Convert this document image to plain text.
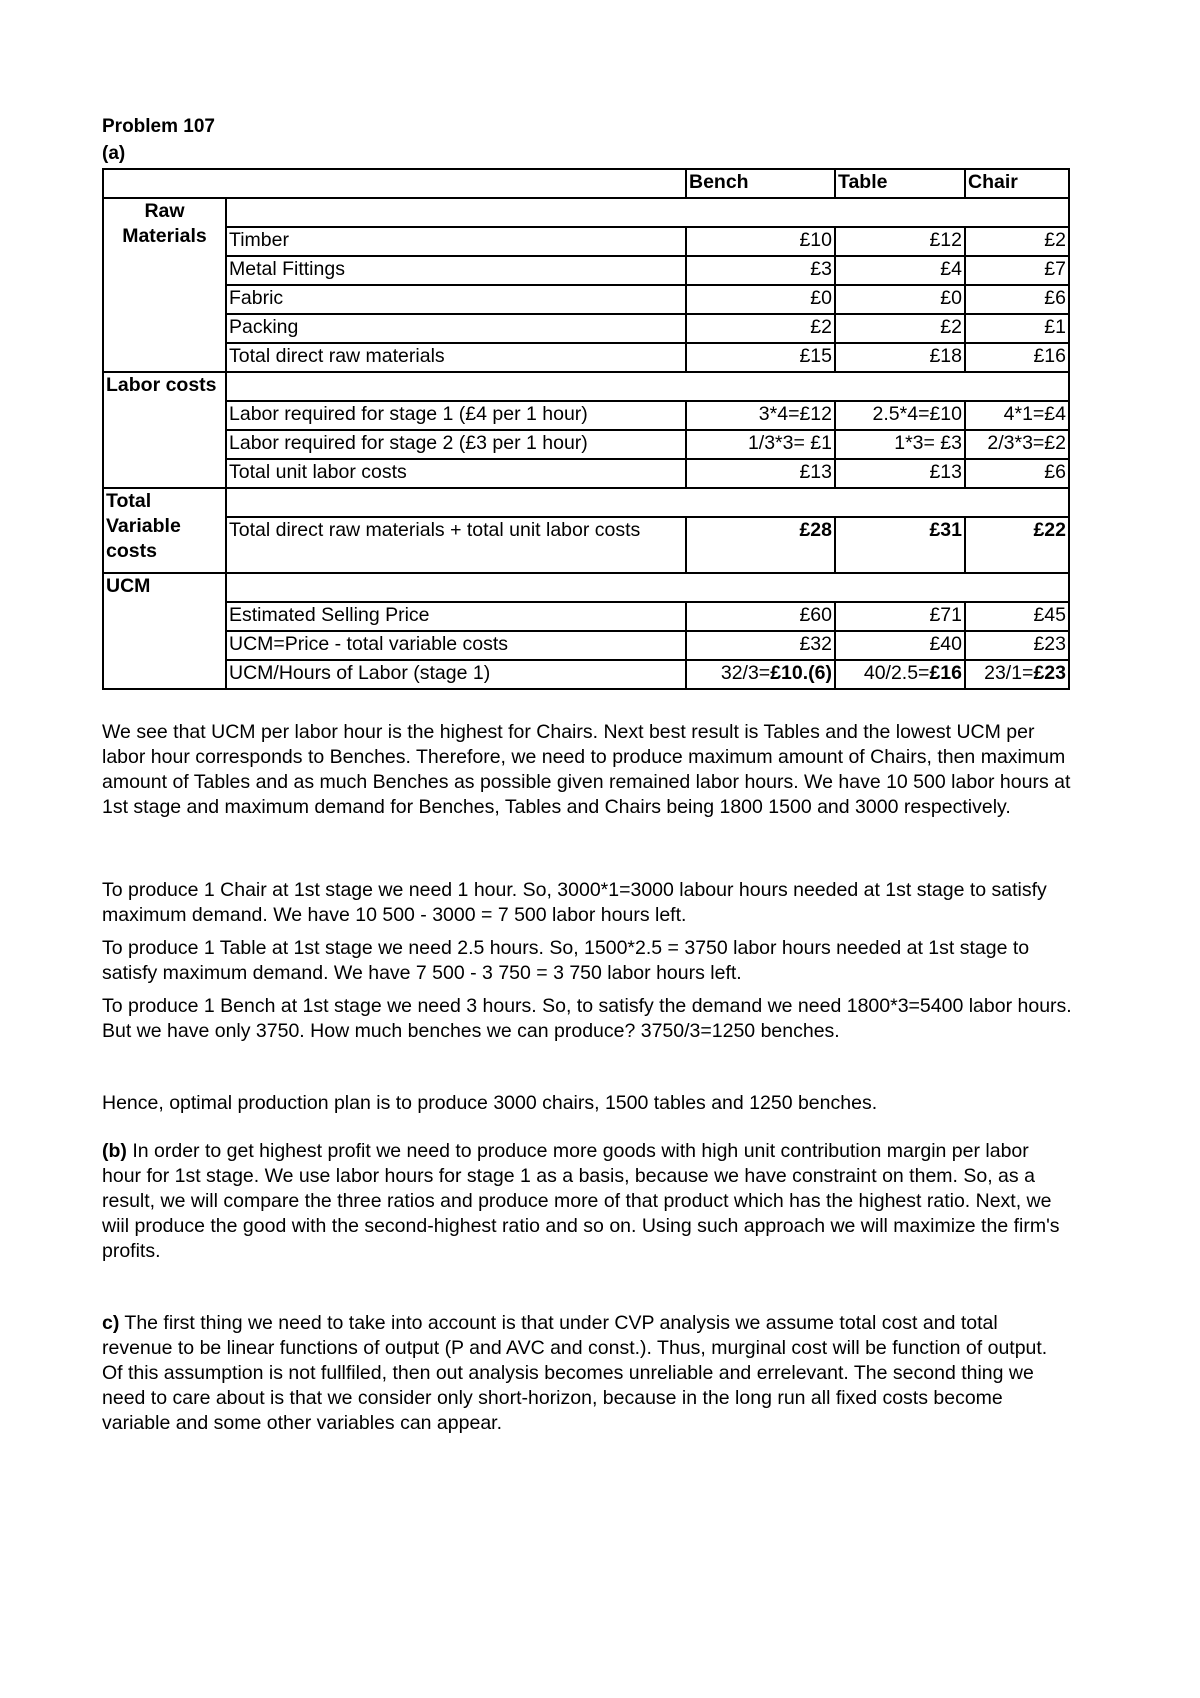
Problem 107

(a)

		Bench	Table	Chair
Raw Materials				
	Timber	£10	£12	£2
	Metal Fittings	£3	£4	£7
	Fabric	£0	£0	£6
	Packing	£2	£2	£1
	Total direct raw materials	£15	£18	£16
Labor costs				
	Labor required for stage 1 (£4 per 1 hour)	3*4=£12	2.5*4=£10	4*1=£4
	Labor required for stage 2 (£3 per 1 hour)	1/3*3= £1	1*3= £3	2/3*3=£2
	Total unit labor costs	£13	£13	£6
Total Variable costs				
	Total direct raw materials + total unit labor costs	£28	£31	£22
UCM				
	Estimated Selling Price	£60	£71	£45
	UCM=Price - total variable costs	£32	£40	£23
	UCM/Hours of Labor (stage 1)	32/3=£10.(6)	40/2.5=£16	23/1=£23

We see that UCM per labor hour is the highest for Chairs. Next best result is Tables and the lowest UCM per labor hour corresponds to Benches. Therefore, we need to produce maximum amount of Chairs, then maximum amount of Tables and as much Benches as possible given remained labor hours. We have 10 500 labor hours at 1st stage and maximum demand for Benches, Tables and Chairs being 1800 1500 and 3000 respectively.

To produce 1 Chair at 1st stage we need 1 hour. So, 3000*1=3000 labour hours needed at 1st stage to satisfy maximum demand. We have 10 500 - 3000 = 7 500 labor hours left.

To produce 1 Table at 1st stage we need 2.5 hours. So, 1500*2.5 = 3750 labor hours needed at 1st stage to satisfy maximum demand. We have 7 500 - 3 750 = 3 750 labor hours left.

To produce 1 Bench at 1st stage we need 3 hours. So, to satisfy the demand we need 1800*3=5400 labor hours. But we have only 3750. How much benches we can produce? 3750/3=1250 benches.

Hence, optimal production plan is to produce 3000 chairs, 1500 tables and 1250 benches.

(b) In order to get highest profit we need to produce more goods with high unit contribution margin per labor hour for 1st stage. We use labor hours for stage 1 as a basis, because we have constraint on them. So, as a result, we will compare the three ratios and produce more of that product which has the highest ratio. Next, we wiil produce the good with the second-highest ratio and so on. Using such approach we will maximize the firm's profits.

c) The first thing we need to take into account is that under CVP analysis we assume total cost and total revenue to be linear functions of output (P and AVC and const.). Thus, murginal cost will be function of output. Of this assumption is not fullfiled, then out analysis becomes unreliable and errelevant. The second thing we need to care about is that we consider only short-horizon, because in the long run all fixed costs become variable and some other variables can appear.
